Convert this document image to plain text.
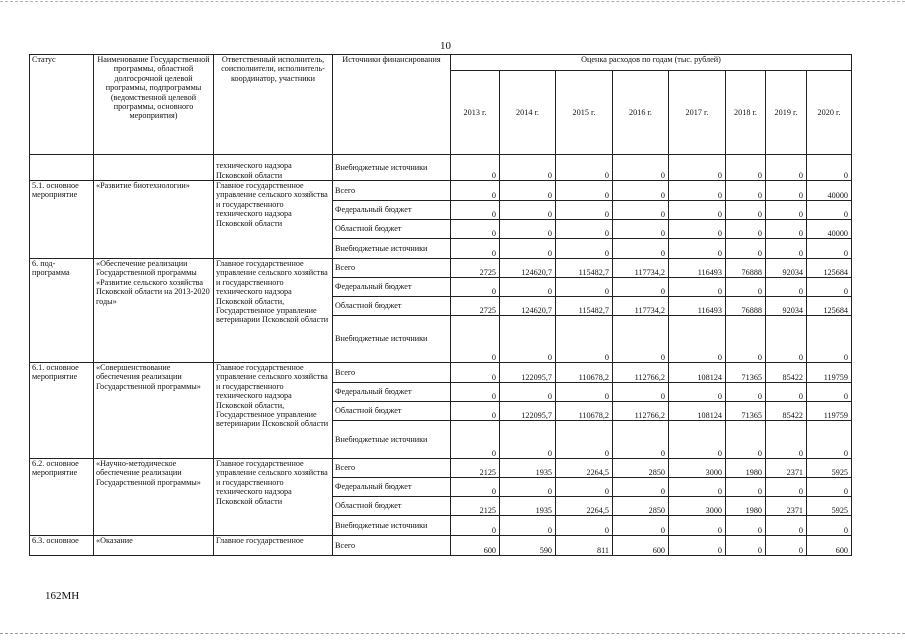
10
Статус	Наименование Государственной программы, областной долгосрочной целевой программы, подпрограммы (ведомственной целевой программы, основного мероприятия)	Ответственный исполнитель, соисполнители, исполнитель-координатор, участники	Источники финансирования	Оценка расходов по годам (тыс. рублей)							
				2013 г.	2014 г.	2015 г.	2016 г.	2017 г.	2018 г.	2019 г.	2020 г.
		технического надзора Псковской области	Внебюджетные источники	0	0	0	0	0	0	0	0
5.1. основное мероприятие	«Развитие биотехнологии»	Главное государственное управление сельского хозяйства и государственного технического надзора Псковской области	Всего	0	0	0	0	0	0	0	40000
			Федеральный бюджет	0	0	0	0	0	0	0	0
			Областной бюджет	0	0	0	0	0	0	0	40000
			Внебюджетные источники	0	0	0	0	0	0	0	0
6. под-программа	«Обеспечение реализации Государственной программы «Развитие сельского хозяйства Псковской области на 2013-2020 годы»	Главное государственное управление сельского хозяйства и государственного технического надзора Псковской области, Государственное управление ветеринарии Псковской области	Всего	2725	124620,7	115482,7	117734,2	116493	76888	92034	125684
			Федеральный бюджет	0	0	0	0	0	0	0	0
			Областной бюджет	2725	124620,7	115482,7	117734,2	116493	76888	92034	125684
			Внебюджетные источники	0	0	0	0	0	0	0	0
6.1. основное мероприятие	«Совершенствование обеспечения реализации Государственной программы»	Главное государственное управление сельского хозяйства и государственного технического надзора Псковской области, Государственное управление ветеринарии Псковской области	Всего	0	122095,7	110678,2	112766,2	108124	71365	85422	119759
			Федеральный бюджет	0	0	0	0	0	0	0	0
			Областной бюджет	0	122095,7	110678,2	112766,2	108124	71365	85422	119759
			Внебюджетные источники	0	0	0	0	0	0	0	0
6.2. основное мероприятие	«Научно-методическое обеспечение реализации Государственной программы»	Главное государственное управление сельского хозяйства и государственного технического надзора Псковской области	Всего	2125	1935	2264,5	2850	3000	1980	2371	5925
			Федеральный бюджет	0	0	0	0	0	0	0	0
			Областной бюджет	2125	1935	2264,5	2850	3000	1980	2371	5925
			Внебюджетные источники	0	0	0	0	0	0	0	0
6.3. основное	«Оказание	Главное государственное	Всего	600	590	811	600	0	0	0	600
162МН
